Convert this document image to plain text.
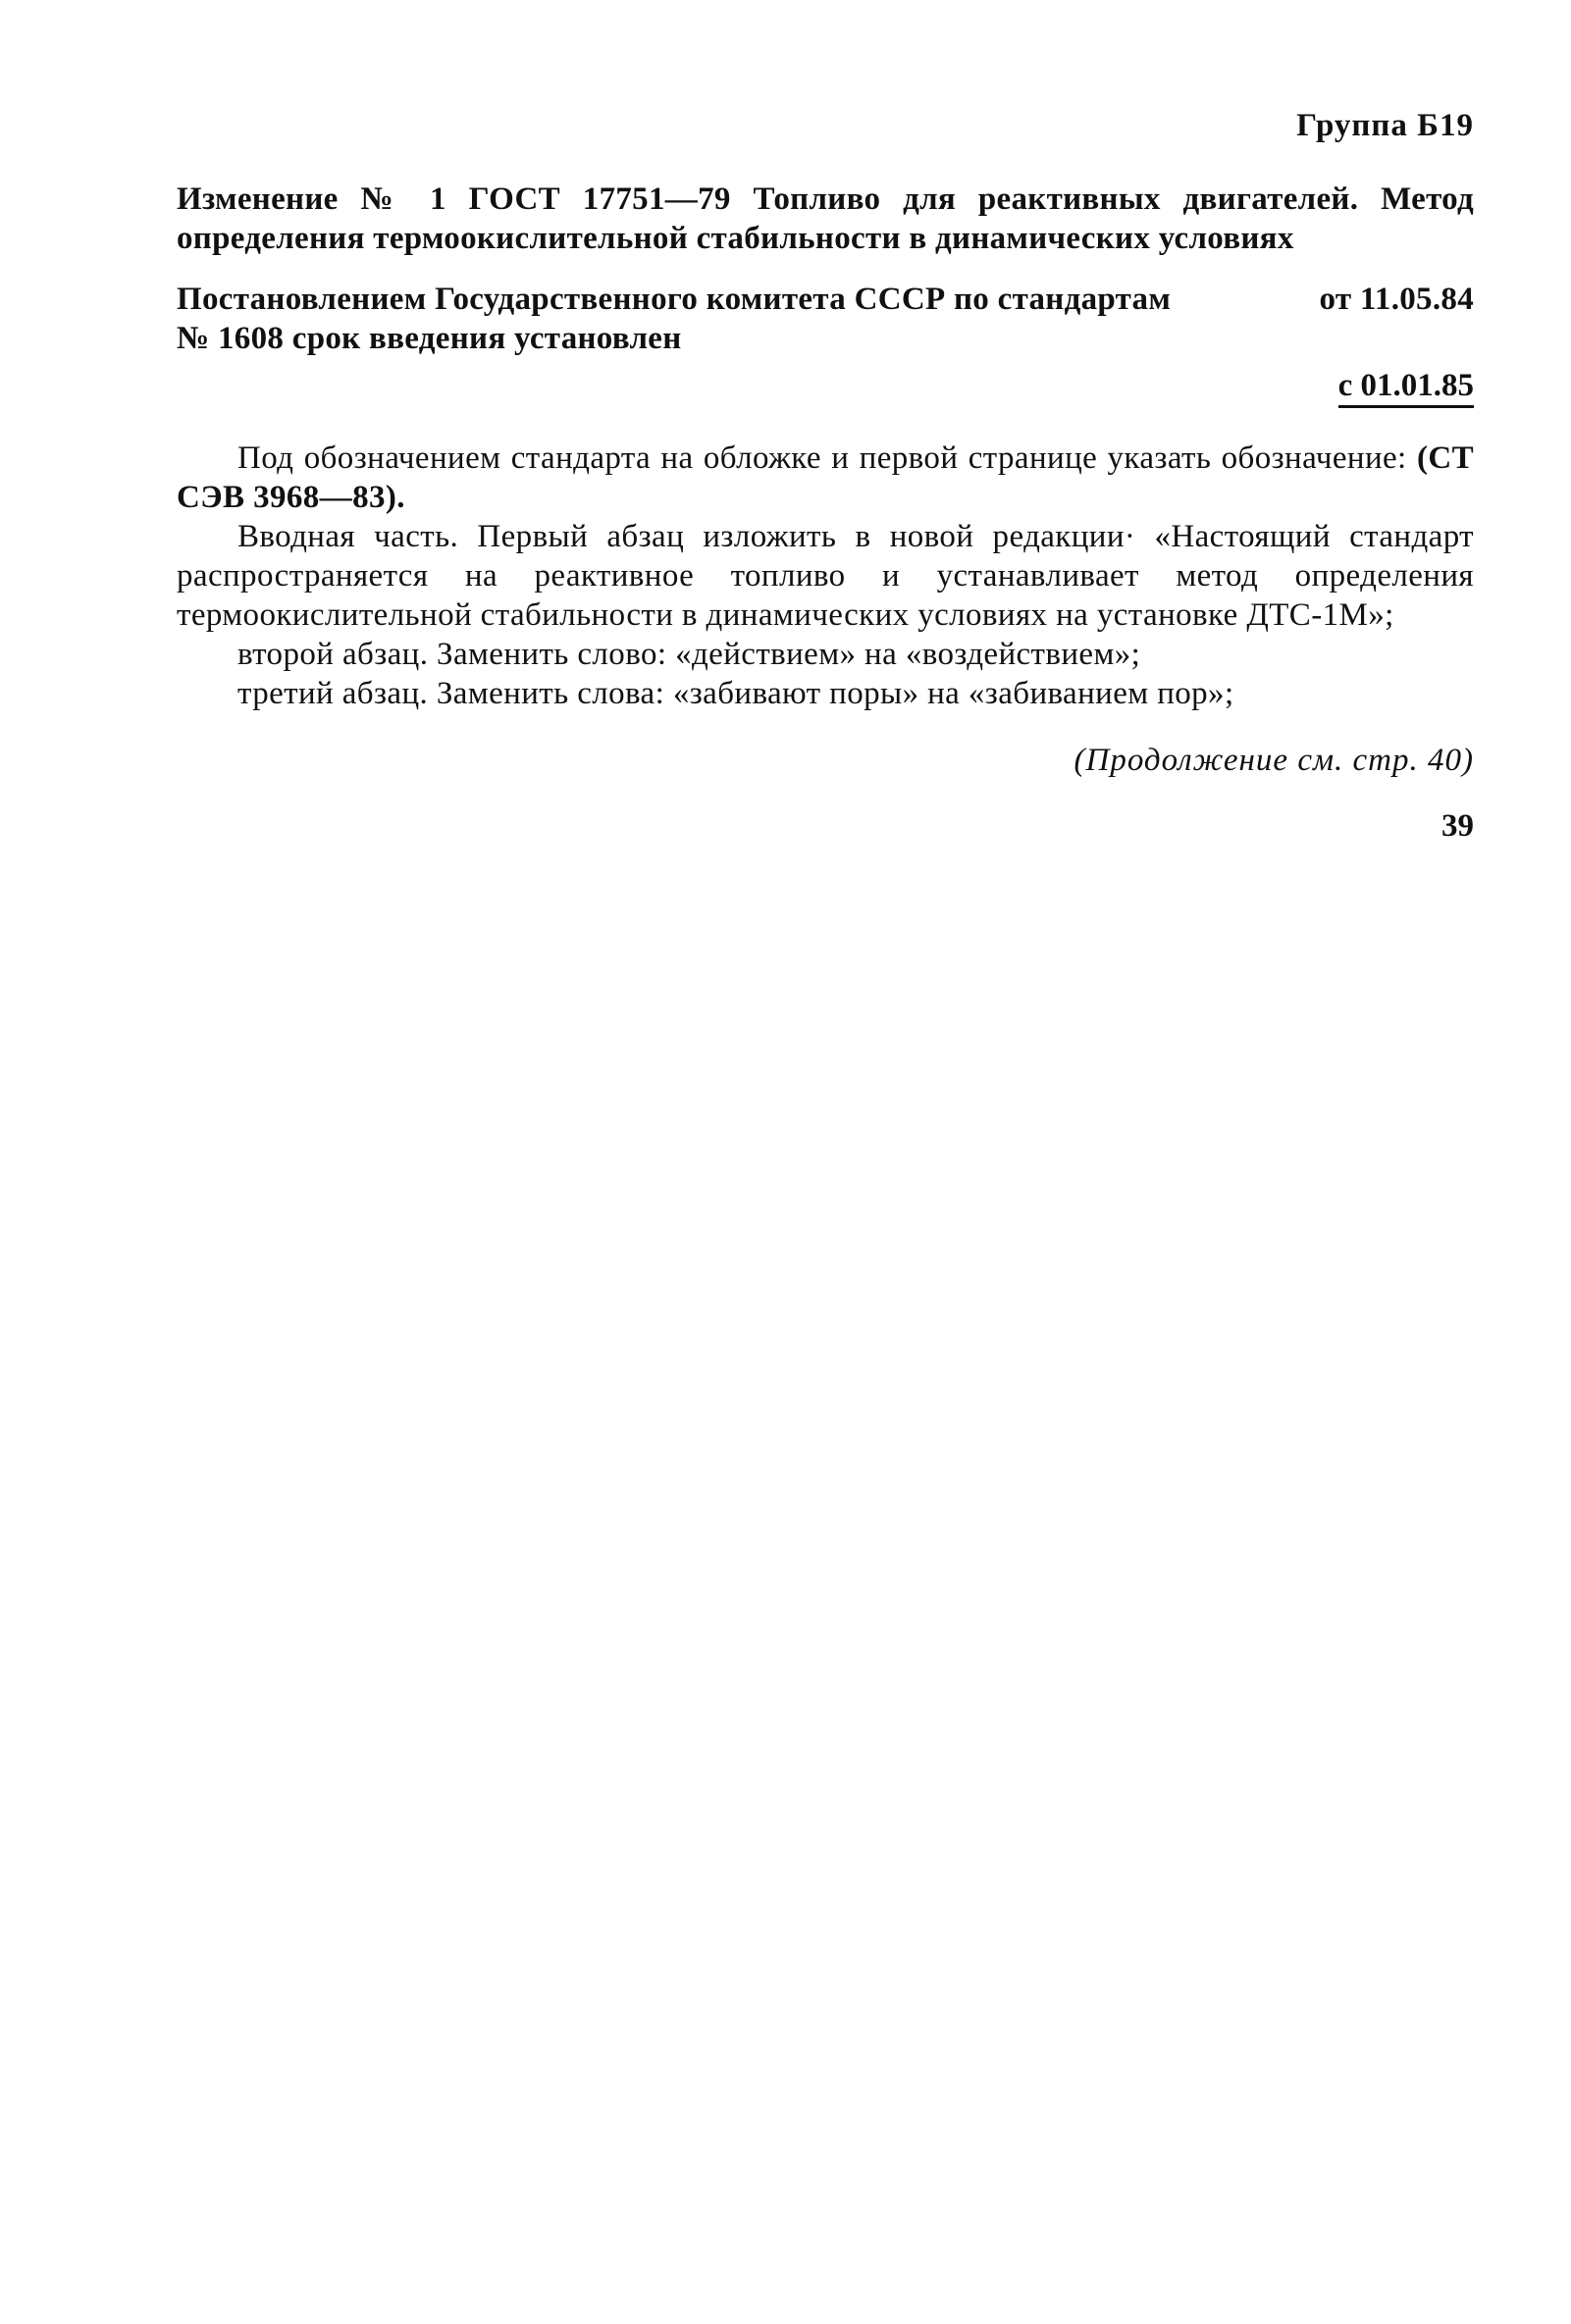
Группа Б19

Изменение № 1 ГОСТ 17751—79 Топливо для реактивных двигателей. Метод определения термоокислительной стабильности в динамических условиях

Постановлением Государственного комитета СССР по стандартам	от 11.05.84
№ 1608 срок введения установлен
с 01.01.85

Под обозначением стандарта на обложке и первой странице указать обозначение: (СТ СЭВ 3968—83).

Вводная часть. Первый абзац изложить в новой редакции· «Настоящий стандарт распространяется на реактивное топливо и устанавливает метод определения термоокислительной стабильности в динамических условиях на установке ДТС-1М»;

второй абзац. Заменить слово: «действием» на «воздействием»;

третий абзац. Заменить слова: «забивают поры» на «забиванием пор»;

(Продолжение см. стр. 40)
39
